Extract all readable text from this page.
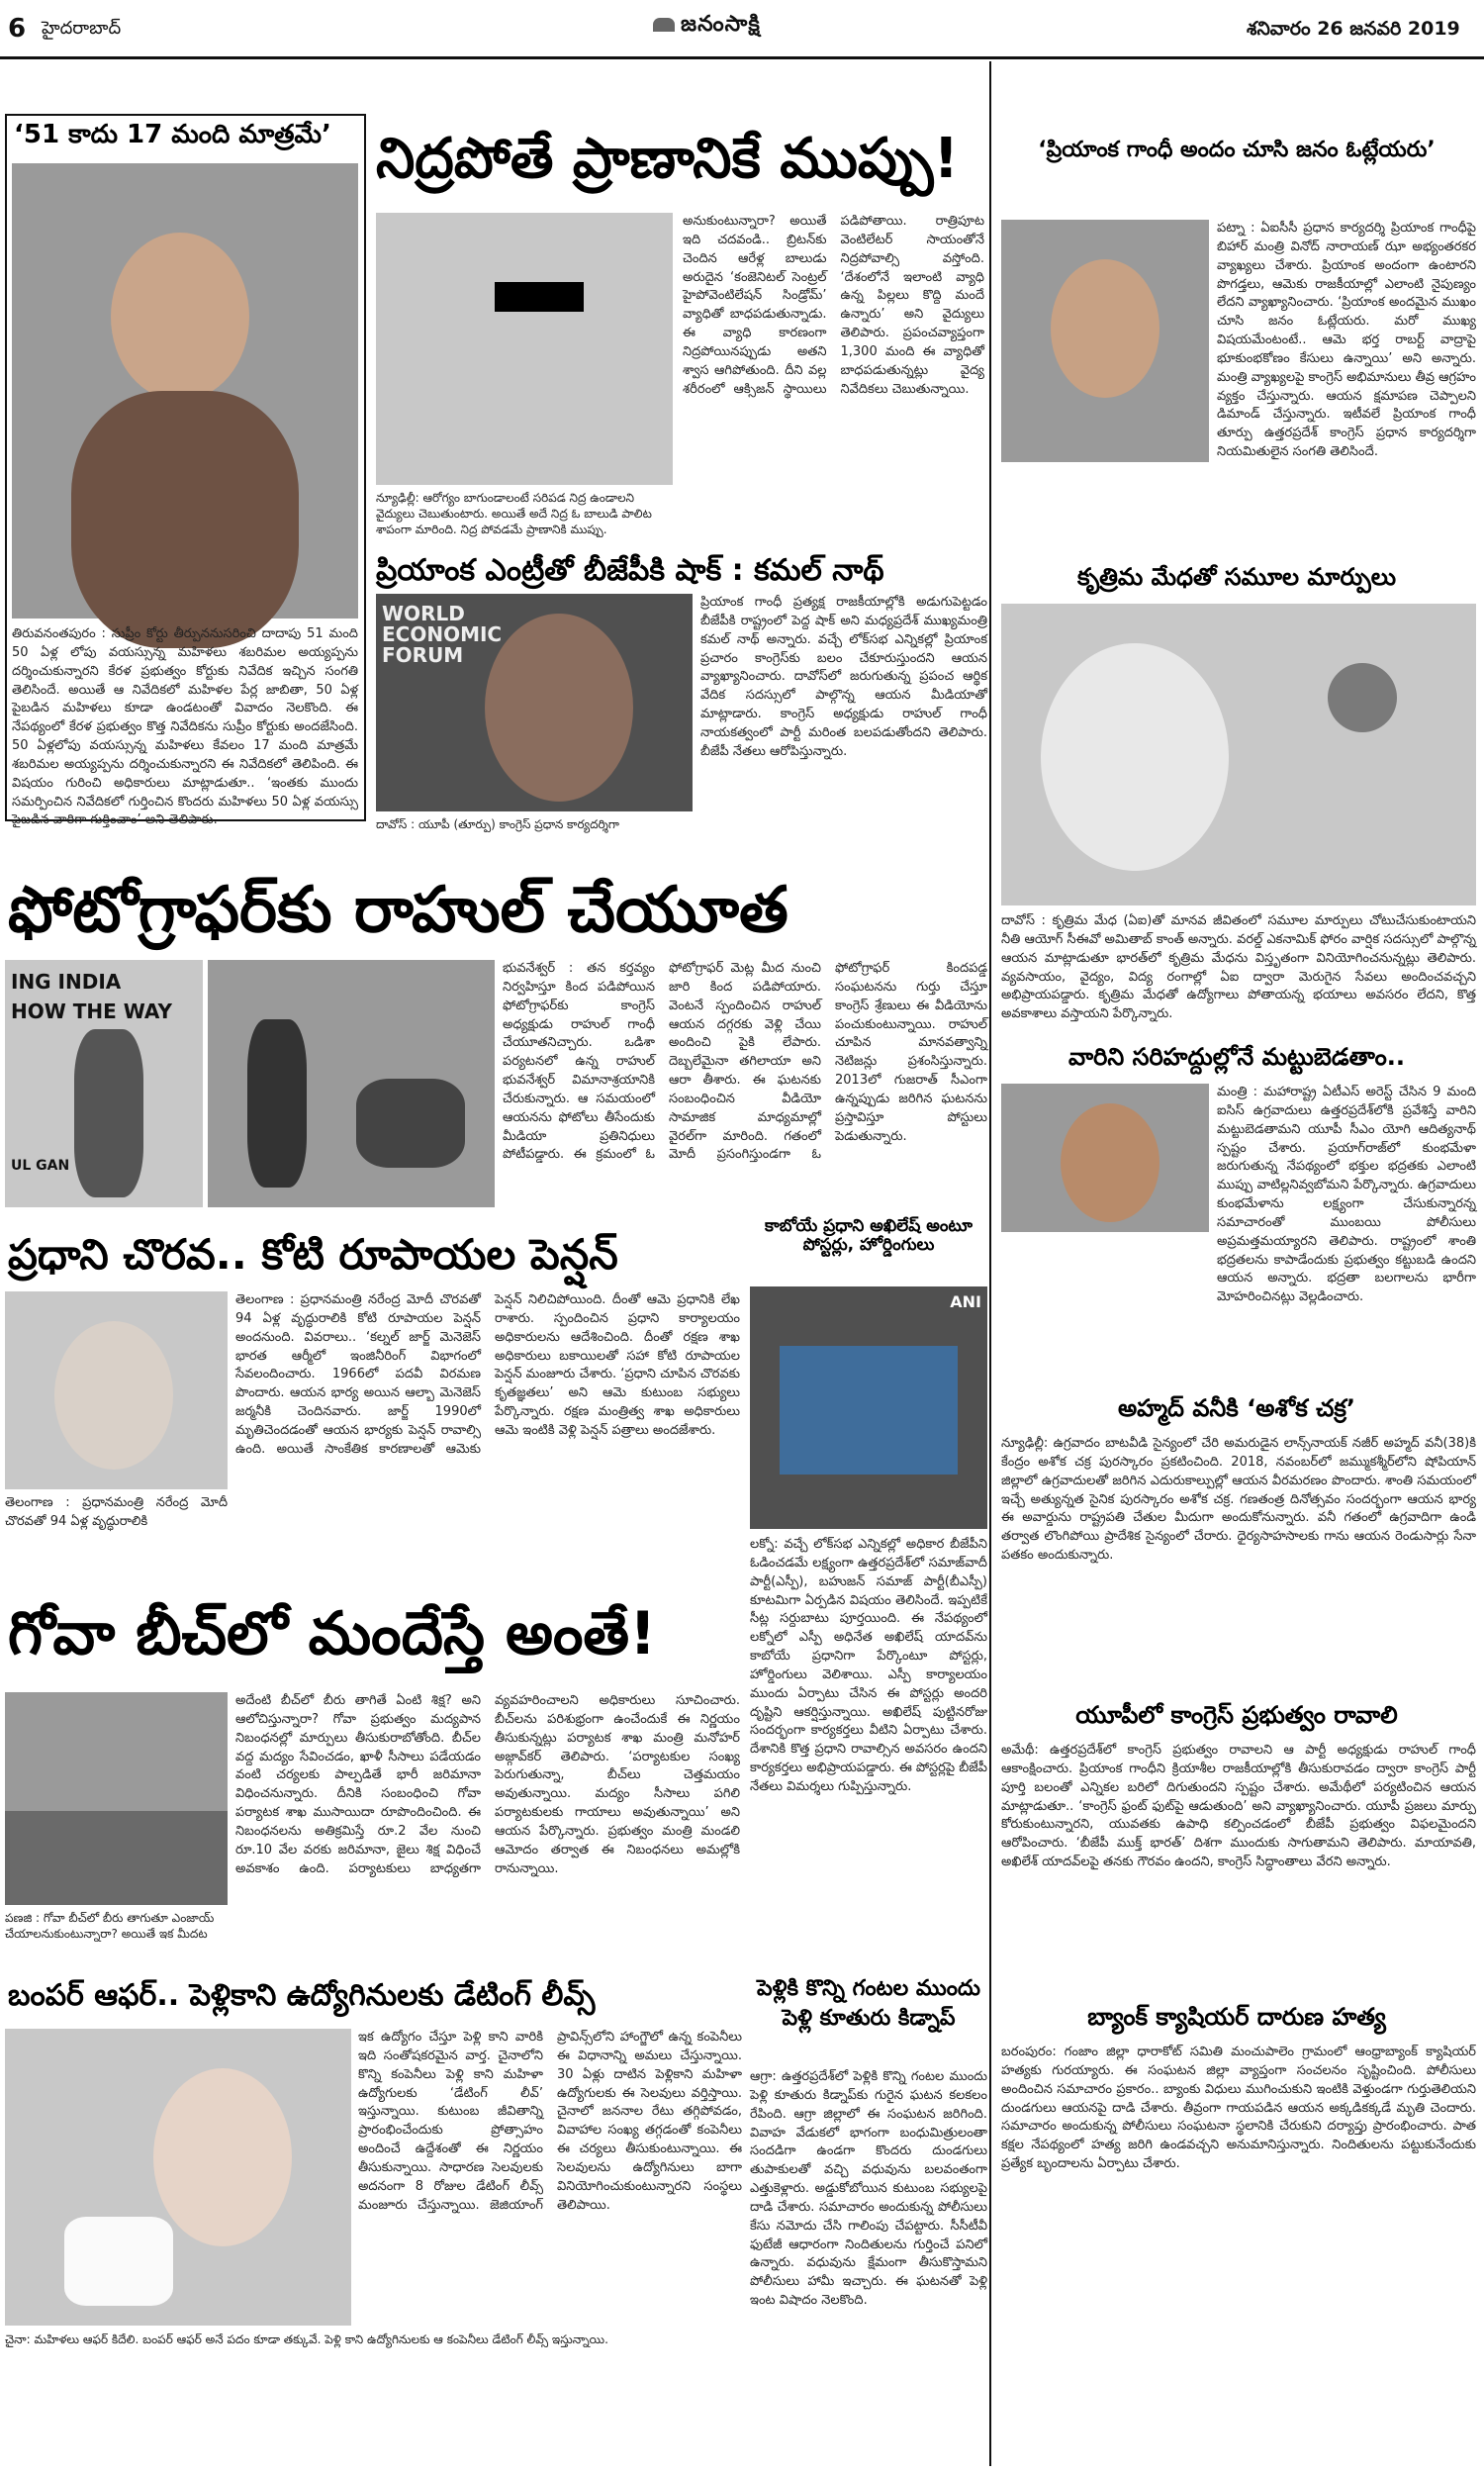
6 హైదరాబాద్	జనంసాక్షి	శనివారం 26 జనవరి 2019
‘51 కాదు 17 మంది మాత్రమే’
తిరువనంతపురం : సుప్రీం కోర్టు తీర్పుననుసరించి దాదాపు 51 మంది 50 ఏళ్ల లోపు వయస్సున్న మహిళలు శబరిమల అయ్యప్పను దర్శించుకున్నారని కేరళ ప్రభుత్వం కోర్టుకు నివేదిక ఇచ్చిన సంగతి తెలిసిందే. అయితే ఆ నివేదికలో మహిళల పేర్ల జాబితా, 50 ఏళ్ల పైబడిన మహిళలు కూడా ఉండటంతో వివాదం నెలకొంది. ఈ నేపథ్యంలో కేరళ ప్రభుత్వం కొత్త నివేదికను సుప్రీం కోర్టుకు అందజేసింది. 50 ఏళ్లలోపు వయస్సున్న మహిళలు కేవలం 17 మంది మాత్రమే శబరిమల అయ్యప్పను దర్శించుకున్నారని ఈ నివేదికలో తెలిపింది. ఈ విషయం గురించి అధికారులు మాట్లాడుతూ.. ‘ఇంతకు ముందు సమర్పించిన నివేదికలో గుర్తించిన కొందరు మహిళలు 50 ఏళ్ల వయస్సు పైబడిన వారిగా గుర్తించాం’ అని తెలిపారు.
నిద్రపోతే ప్రాణానికే ముప్పు!
న్యూఢిల్లీ: ఆరోగ్యం బాగుండాలంటే సరిపడ నిద్ర ఉండాలని వైద్యులు చెబుతుంటారు. అయితే అదే నిద్ర ఓ బాలుడి పాలిట శాపంగా మారింది. నిద్ర పోవడమే ప్రాణానికి ముప్పు.
అనుకుంటున్నారా? అయితే ఇది చదవండి.. బ్రిటన్‌కు చెందిన ఆరేళ్ల బాలుడు అరుదైన ‘కంజెనిటల్ సెంట్రల్ హైపోవెంటిలేషన్ సిండ్రోమ్’ వ్యాధితో బాధపడుతున్నాడు. ఈ వ్యాధి కారణంగా నిద్రపోయినప్పుడు అతని శ్వాస ఆగిపోతుంది. దీని వల్ల శరీరంలో ఆక్సిజన్ స్థాయిలు పడిపోతాయి. రాత్రిపూట వెంటిలేటర్ సాయంతోనే నిద్రపోవాల్సి వస్తోంది. ‘దేశంలోనే ఇలాంటి వ్యాధి ఉన్న పిల్లలు కొద్ది మందే ఉన్నారు’ అని వైద్యులు తెలిపారు. ప్రపంచవ్యాప్తంగా 1,300 మంది ఈ వ్యాధితో బాధపడుతున్నట్లు వైద్య నివేదికలు చెబుతున్నాయి.
ప్రియాంక ఎంట్రీతో బీజేపీకి షాక్ : కమల్ నాథ్
WORLD ECONOMIC FORUM
దావోస్ : యూపీ (తూర్పు) కాంగ్రెస్ ప్రధాన కార్యదర్శిగా
ప్రియాంక గాంధీ ప్రత్యక్ష రాజకీయాల్లోకి అడుగుపెట్టడం బీజేపీకి రాష్ట్రంలో పెద్ద షాక్ అని మధ్యప్రదేశ్ ముఖ్యమంత్రి కమల్ నాథ్ అన్నారు. వచ్చే లోక్‌సభ ఎన్నికల్లో ప్రియాంక ప్రచారం కాంగ్రెస్‌కు బలం చేకూరుస్తుందని ఆయన వ్యాఖ్యానించారు. దావోస్‌లో జరుగుతున్న ప్రపంచ ఆర్థిక వేదిక సదస్సులో పాల్గొన్న ఆయన మీడియాతో మాట్లాడారు. కాంగ్రెస్ అధ్యక్షుడు రాహుల్ గాంధీ నాయకత్వంలో పార్టీ మరింత బలపడుతోందని తెలిపారు. బీజేపీ నేతలు ఆరోపిస్తున్నారు.
‘ప్రియాంక గాంధీ అందం చూసి జనం ఓట్లేయరు’
పట్నా : ఏఐసీసీ ప్రధాన కార్యదర్శి ప్రియాంక గాంధీపై బిహార్ మంత్రి వినోద్ నారాయణ్ ఝా అభ్యంతరకర వ్యాఖ్యలు చేశారు. ప్రియాంక అందంగా ఉంటారని పొగడ్తలు, ఆమెకు రాజకీయాల్లో ఎలాంటి నైపుణ్యం లేదని వ్యాఖ్యానించారు. ‘ప్రియాంక అందమైన ముఖం చూసి జనం ఓట్లేయరు. మరో ముఖ్య విషయమేంటంటే.. ఆమె భర్త రాబర్ట్ వాద్రాపై భూకుంభకోణం కేసులు ఉన్నాయి’ అని అన్నారు. మంత్రి వ్యాఖ్యలపై కాంగ్రెస్ అభిమానులు తీవ్ర ఆగ్రహం వ్యక్తం చేస్తున్నారు. ఆయన క్షమాపణ చెప్పాలని డిమాండ్ చేస్తున్నారు. ఇటీవలే ప్రియాంక గాంధీ తూర్పు ఉత్తరప్రదేశ్ కాంగ్రెస్ ప్రధాన కార్యదర్శిగా నియమితులైన సంగతి తెలిసిందే.
కృత్రిమ మేధతో సమూల మార్పులు
దావోస్ : కృత్రిమ మేధ (ఏఐ)తో మానవ జీవితంలో సమూల మార్పులు చోటుచేసుకుంటాయని నీతి ఆయోగ్ సీఈవో అమితాబ్ కాంత్ అన్నారు. వరల్డ్ ఎకనామిక్ ఫోరం వార్షిక సదస్సులో పాల్గొన్న ఆయన మాట్లాడుతూ భారత్‌లో కృత్రిమ మేధను విస్తృతంగా వినియోగించనున్నట్లు తెలిపారు. వ్యవసాయం, వైద్యం, విద్య రంగాల్లో ఏఐ ద్వారా మెరుగైన సేవలు అందించవచ్చని అభిప్రాయపడ్డారు. కృత్రిమ మేధతో ఉద్యోగాలు పోతాయన్న భయాలు అవసరం లేదని, కొత్త అవకాశాలు వస్తాయని పేర్కొన్నారు.
ఫోటోగ్రాఫర్‌కు రాహుల్ చేయూత
ING INDIA
HOW THE WAY
UL GAN
భువనేశ్వర్ : తన కర్తవ్యం నిర్వహిస్తూ కింద పడిపోయిన ఫోటోగ్రాఫర్‌కు కాంగ్రెస్ అధ్యక్షుడు రాహుల్ గాంధీ చేయూతనిచ్చారు. ఒడిశా పర్యటనలో ఉన్న రాహుల్ భువనేశ్వర్ విమానాశ్రయానికి చేరుకున్నారు. ఆ సమయంలో ఆయనను ఫోటోలు తీసేందుకు మీడియా ప్రతినిధులు పోటీపడ్డారు. ఈ క్రమంలో ఓ ఫోటోగ్రాఫర్ మెట్ల మీద నుంచి జారి కింద పడిపోయారు. వెంటనే స్పందించిన రాహుల్ ఆయన దగ్గరకు వెళ్లి చేయి అందించి పైకి లేపారు. దెబ్బలేమైనా తగిలాయా అని ఆరా తీశారు. ఈ ఘటనకు సంబంధించిన వీడియో సామాజిక మాధ్యమాల్లో వైరల్‌గా మారింది. గతంలో మోదీ ప్రసంగిస్తుండగా ఓ ఫోటోగ్రాఫర్ కిందపడ్డ సంఘటనను గుర్తు చేస్తూ కాంగ్రెస్ శ్రేణులు ఈ వీడియోను పంచుకుంటున్నాయి. రాహుల్ చూపిన మానవత్వాన్ని నెటిజన్లు ప్రశంసిస్తున్నారు. 2013లో గుజరాత్ సీఎంగా ఉన్నప్పుడు జరిగిన ఘటనను ప్రస్తావిస్తూ పోస్టులు పెడుతున్నారు.
వారిని సరిహద్దుల్లోనే మట్టుబెడతాం..
మంత్రి : మహారాష్ట్ర ఏటీఎస్ అరెస్ట్ చేసిన 9 మంది ఐసిస్ ఉగ్రవాదులు ఉత్తరప్రదేశ్‌లోకి ప్రవేశిస్తే వారిని మట్టుబెడతామని యూపీ సీఎం యోగి ఆదిత్యనాథ్ స్పష్టం చేశారు. ప్రయాగ్‌రాజ్‌లో కుంభమేళా జరుగుతున్న నేపథ్యంలో భక్తుల భద్రతకు ఎలాంటి ముప్పు వాటిల్లనివ్వబోమని పేర్కొన్నారు. ఉగ్రవాదులు కుంభమేళాను లక్ష్యంగా చేసుకున్నారన్న సమాచారంతో ముంబయి పోలీసులు అప్రమత్తమయ్యారని తెలిపారు. రాష్ట్రంలో శాంతి భద్రతలను కాపాడేందుకు ప్రభుత్వం కట్టుబడి ఉందని ఆయన అన్నారు. భద్రతా బలగాలను భారీగా మోహరించినట్లు వెల్లడించారు.
అహ్మద్ వనీకి ‘అశోక చక్ర’
న్యూఢిల్లీ: ఉగ్రవాదం బాటవీడి సైన్యంలో చేరి అమరుడైన లాన్స్‌నాయక్ నజీర్ అహ్మద్ వనీ(38)కి కేంద్రం అశోక చక్ర పురస్కారం ప్రకటించింది. 2018, నవంబర్‌లో జమ్ముకశ్మీర్‌లోని షోపియాన్ జిల్లాలో ఉగ్రవాదులతో జరిగిన ఎదురుకాల్పుల్లో ఆయన వీరమరణం పొందారు. శాంతి సమయంలో ఇచ్చే అత్యున్నత సైనిక పురస్కారం అశోక చక్ర. గణతంత్ర దినోత్సవం సందర్భంగా ఆయన భార్య ఈ అవార్డును రాష్ట్రపతి చేతుల మీదుగా అందుకోనున్నారు. వనీ గతంలో ఉగ్రవాదిగా ఉండి తర్వాత లొంగిపోయి ప్రాదేశిక సైన్యంలో చేరారు. ధైర్యసాహసాలకు గాను ఆయన రెండుసార్లు సేనా పతకం అందుకున్నారు.
యూపీలో కాంగ్రెస్ ప్రభుత్వం రావాలి
అమేథీ: ఉత్తరప్రదేశ్‌లో కాంగ్రెస్ ప్రభుత్వం రావాలని ఆ పార్టీ అధ్యక్షుడు రాహుల్ గాంధీ ఆకాంక్షించారు. ప్రియాంక గాంధీని క్రియాశీల రాజకీయాల్లోకి తీసుకురావడం ద్వారా కాంగ్రెస్ పార్టీ పూర్తి బలంతో ఎన్నికల బరిలో దిగుతుందని స్పష్టం చేశారు. అమేథీలో పర్యటించిన ఆయన మాట్లాడుతూ.. ‘కాంగ్రెస్ ఫ్రంట్ ఫుట్‌పై ఆడుతుంది’ అని వ్యాఖ్యానించారు. యూపీ ప్రజలు మార్పు కోరుకుంటున్నారని, యువతకు ఉపాధి కల్పించడంలో బీజేపీ ప్రభుత్వం విఫలమైందని ఆరోపించారు. ‘బీజేపీ ముక్త్ భారత్’ దిశగా ముందుకు సాగుతామని తెలిపారు. మాయావతి, అఖిలేశ్ యాదవ్‌లపై తనకు గౌరవం ఉందని, కాంగ్రెస్ సిద్ధాంతాలు వేరని అన్నారు.
బ్యాంక్ క్యాషియర్ దారుణ హత్య
బరంపురం: గంజాం జిల్లా ధారాకోట్ సమితి మంచుపాలెం గ్రామంలో ఆంధ్రాబ్యాంక్ క్యాషియర్ హత్యకు గురయ్యారు. ఈ సంఘటన జిల్లా వ్యాప్తంగా సంచలనం సృష్టించింది. పోలీసులు అందించిన సమాచారం ప్రకారం.. బ్యాంకు విధులు ముగించుకుని ఇంటికి వెళ్తుండగా గుర్తుతెలియని దుండగులు ఆయనపై దాడి చేశారు. తీవ్రంగా గాయపడిన ఆయన అక్కడికక్కడే మృతి చెందారు. సమాచారం అందుకున్న పోలీసులు సంఘటనా స్థలానికి చేరుకుని దర్యాప్తు ప్రారంభించారు. పాత కక్షల నేపథ్యంలో హత్య జరిగి ఉండవచ్చని అనుమానిస్తున్నారు. నిందితులను పట్టుకునేందుకు ప్రత్యేక బృందాలను ఏర్పాటు చేశారు.
ప్రధాని చొరవ.. కోటి రూపాయల పెన్షన్
తెలంగాణ : ప్రధానమంత్రి నరేంద్ర మోదీ చొరవతో 94 ఏళ్ల వృద్ధురాలికి
తెలంగాణ : ప్రధానమంత్రి నరేంద్ర మోదీ చొరవతో 94 ఏళ్ల వృద్ధురాలికి కోటి రూపాయల పెన్షన్ అందనుంది. వివరాలు.. ‘కల్నల్ జార్జ్ మెనెజెస్ భారత ఆర్మీలో ఇంజినీరింగ్ విభాగంలో సేవలందించారు. 1966లో పదవీ విరమణ పొందారు. ఆయన భార్య అయిన ఆల్బా మెనెజెస్ జర్మనీకి చెందినవారు. జార్జ్ 1990లో మృతిచెందడంతో ఆయన భార్యకు పెన్షన్ రావాల్సి ఉంది. అయితే సాంకేతిక కారణాలతో ఆమెకు పెన్షన్ నిలిచిపోయింది. దీంతో ఆమె ప్రధానికి లేఖ రాశారు. స్పందించిన ప్రధాని కార్యాలయం అధికారులను ఆదేశించింది. దీంతో రక్షణ శాఖ అధికారులు బకాయిలతో సహా కోటి రూపాయల పెన్షన్ మంజూరు చేశారు. ‘ప్రధాని చూపిన చొరవకు కృతజ్ఞతలు’ అని ఆమె కుటుంబ సభ్యులు పేర్కొన్నారు. రక్షణ మంత్రిత్వ శాఖ అధికారులు ఆమె ఇంటికి వెళ్లి పెన్షన్ పత్రాలు అందజేశారు.
కాబోయే ప్రధాని అఖిలేష్ అంటూ పోస్టర్లు, హోర్డింగులు
ANI
లక్నో: వచ్చే లోక్‌సభ ఎన్నికల్లో అధికార బీజేపీని ఓడించడమే లక్ష్యంగా ఉత్తరప్రదేశ్‌లో సమాజ్‌వాదీ పార్టీ(ఎస్పీ), బహుజన్ సమాజ్ పార్టీ(బీఎస్పీ) కూటమిగా ఏర్పడిన విషయం తెలిసిందే. ఇప్పటికే సీట్ల సర్దుబాటు పూర్తయింది. ఈ నేపథ్యంలో లక్నోలో ఎస్పీ అధినేత అఖిలేష్ యాదవ్‌ను కాబోయే ప్రధానిగా పేర్కొంటూ పోస్టర్లు, హోర్డింగులు వెలిశాయి. ఎస్పీ కార్యాలయం ముందు ఏర్పాటు చేసిన ఈ పోస్టర్లు అందరి దృష్టిని ఆకర్షిస్తున్నాయి. అఖిలేష్ పుట్టినరోజు సందర్భంగా కార్యకర్తలు వీటిని ఏర్పాటు చేశారు. దేశానికి కొత్త ప్రధాని రావాల్సిన అవసరం ఉందని కార్యకర్తలు అభిప్రాయపడ్డారు. ఈ పోస్టర్లపై బీజేపీ నేతలు విమర్శలు గుప్పిస్తున్నారు.
గోవా బీచ్‌లో మందేస్తే అంతే!
పణజి : గోవా బీచ్‌లో బీరు తాగుతూ ఎంజాయ్ చేయాలనుకుంటున్నారా? అయితే ఇక మీదట
అదేంటి బీచ్‌లో బీరు తాగితే ఏంటి శిక్ష? అని ఆలోచిస్తున్నారా? గోవా ప్రభుత్వం మద్యపాన నిబంధనల్లో మార్పులు తీసుకురాబోతోంది. బీచ్‌ల వద్ద మద్యం సేవించడం, ఖాళీ సీసాలు పడేయడం వంటి చర్యలకు పాల్పడితే భారీ జరిమానా విధించనున్నారు. దీనికి సంబంధించి గోవా పర్యాటక శాఖ ముసాయిదా రూపొందించింది. ఈ నిబంధనలను అతిక్రమిస్తే రూ.2 వేల నుంచి రూ.10 వేల వరకు జరిమానా, జైలు శిక్ష విధించే అవకాశం ఉంది. పర్యాటకులు బాధ్యతగా వ్యవహరించాలని అధికారులు సూచించారు. బీచ్‌లను పరిశుభ్రంగా ఉంచేందుకే ఈ నిర్ణయం తీసుకున్నట్లు పర్యాటక శాఖ మంత్రి మనోహర్ అజ్గావ్‌కర్ తెలిపారు. ‘పర్యాటకుల సంఖ్య పెరుగుతున్నా, బీచ్‌లు చెత్తమయం అవుతున్నాయి. మద్యం సీసాలు పగిలి పర్యాటకులకు గాయాలు అవుతున్నాయి’ అని ఆయన పేర్కొన్నారు. ప్రభుత్వం మంత్రి మండలి ఆమోదం తర్వాత ఈ నిబంధనలు అమల్లోకి రానున్నాయి.
బంపర్ ఆఫర్.. పెళ్లికాని ఉద్యోగినులకు డేటింగ్ లీవ్స్
చైనా: మహిళలు ఆఫర్ కిదేలి. బంపర్ ఆఫర్ అనే పదం కూడా తక్కువే. పెళ్లి కాని ఉద్యోగినులకు ఆ కంపెనీలు డేటింగ్ లీవ్స్ ఇస్తున్నాయి.
ఇక ఉద్యోగం చేస్తూ పెళ్లి కాని వారికి ఇది సంతోషకరమైన వార్త. చైనాలోని కొన్ని కంపెనీలు పెళ్లి కాని మహిళా ఉద్యోగులకు ‘డేటింగ్ లీవ్’ ఇస్తున్నాయి. కుటుంబ జీవితాన్ని ప్రారంభించేందుకు ప్రోత్సాహం అందించే ఉద్దేశంతో ఈ నిర్ణయం తీసుకున్నాయి. సాధారణ సెలవులకు అదనంగా 8 రోజుల డేటింగ్ లీవ్స్ మంజూరు చేస్తున్నాయి. జెజియాంగ్ ప్రావిన్స్‌లోని హాంగ్జౌలో ఉన్న కంపెనీలు ఈ విధానాన్ని అమలు చేస్తున్నాయి. 30 ఏళ్లు దాటిన పెళ్లికాని మహిళా ఉద్యోగులకు ఈ సెలవులు వర్తిస్తాయి. చైనాలో జననాల రేటు తగ్గిపోవడం, వివాహాల సంఖ్య తగ్గడంతో కంపెనీలు ఈ చర్యలు తీసుకుంటున్నాయి. ఈ సెలవులను ఉద్యోగినులు బాగా వినియోగించుకుంటున్నారని సంస్థలు తెలిపాయి.
పెళ్లికి కొన్ని గంటల ముందు పెళ్లి కూతురు కిడ్నాప్
ఆగ్రా: ఉత్తరప్రదేశ్‌లో పెళ్లికి కొన్ని గంటల ముందు పెళ్లి కూతురు కిడ్నాప్‌కు గురైన ఘటన కలకలం రేపింది. ఆగ్రా జిల్లాలో ఈ సంఘటన జరిగింది. వివాహ వేడుకలో భాగంగా బంధుమిత్రులంతా సందడిగా ఉండగా కొందరు దుండగులు తుపాకులతో వచ్చి వధువును బలవంతంగా ఎత్తుకెళ్లారు. అడ్డుకోబోయిన కుటుంబ సభ్యులపై దాడి చేశారు. సమాచారం అందుకున్న పోలీసులు కేసు నమోదు చేసి గాలింపు చేపట్టారు. సీసీటీవీ ఫుటేజీ ఆధారంగా నిందితులను గుర్తించే పనిలో ఉన్నారు. వధువును క్షేమంగా తీసుకొస్తామని పోలీసులు హామీ ఇచ్చారు. ఈ ఘటనతో పెళ్లి ఇంట విషాదం నెలకొంది.
